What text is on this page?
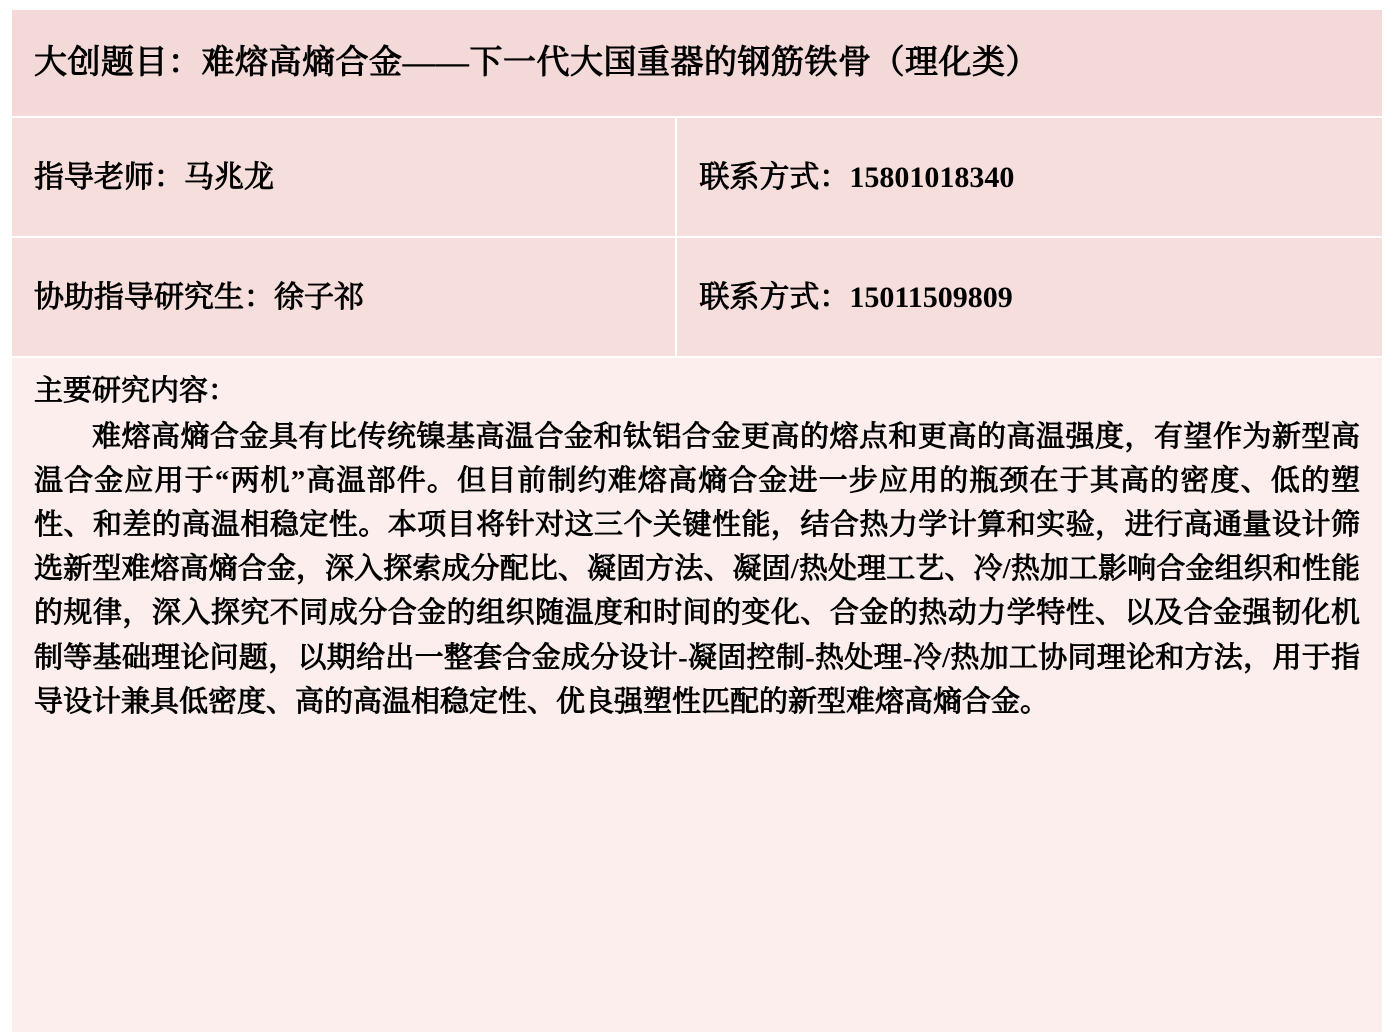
大创题目：难熔高熵合金——下一代大国重器的钢筋铁骨（理化类）	

指导老师：马兆龙	联系方式：15801018340

协助指导研究生：徐子祁	联系方式：15011509809

主要研究内容：
难熔高熵合金具有比传统镍基高温合金和钛铝合金更高的熔点和更高的高温强度，有望作为新型高温合金应用于“两机”高温部件。但目前制约难熔高熵合金进一步应用的瓶颈在于其高的密度、低的塑性、和差的高温相稳定性。本项目将针对这三个关键性能，结合热力学计算和实验，进行高通量设计筛选新型难熔高熵合金，深入探索成分配比、凝固方法、凝固/热处理工艺、冷/热加工影响合金组织和性能的规律，深入探究不同成分合金的组织随温度和时间的变化、合金的热动力学特性、以及合金强韧化机制等基础理论问题，以期给出一整套合金成分设计-凝固控制-热处理-冷/热加工协同理论和方法，用于指导设计兼具低密度、高的高温相稳定性、优良强塑性匹配的新型难熔高熵合金。	
